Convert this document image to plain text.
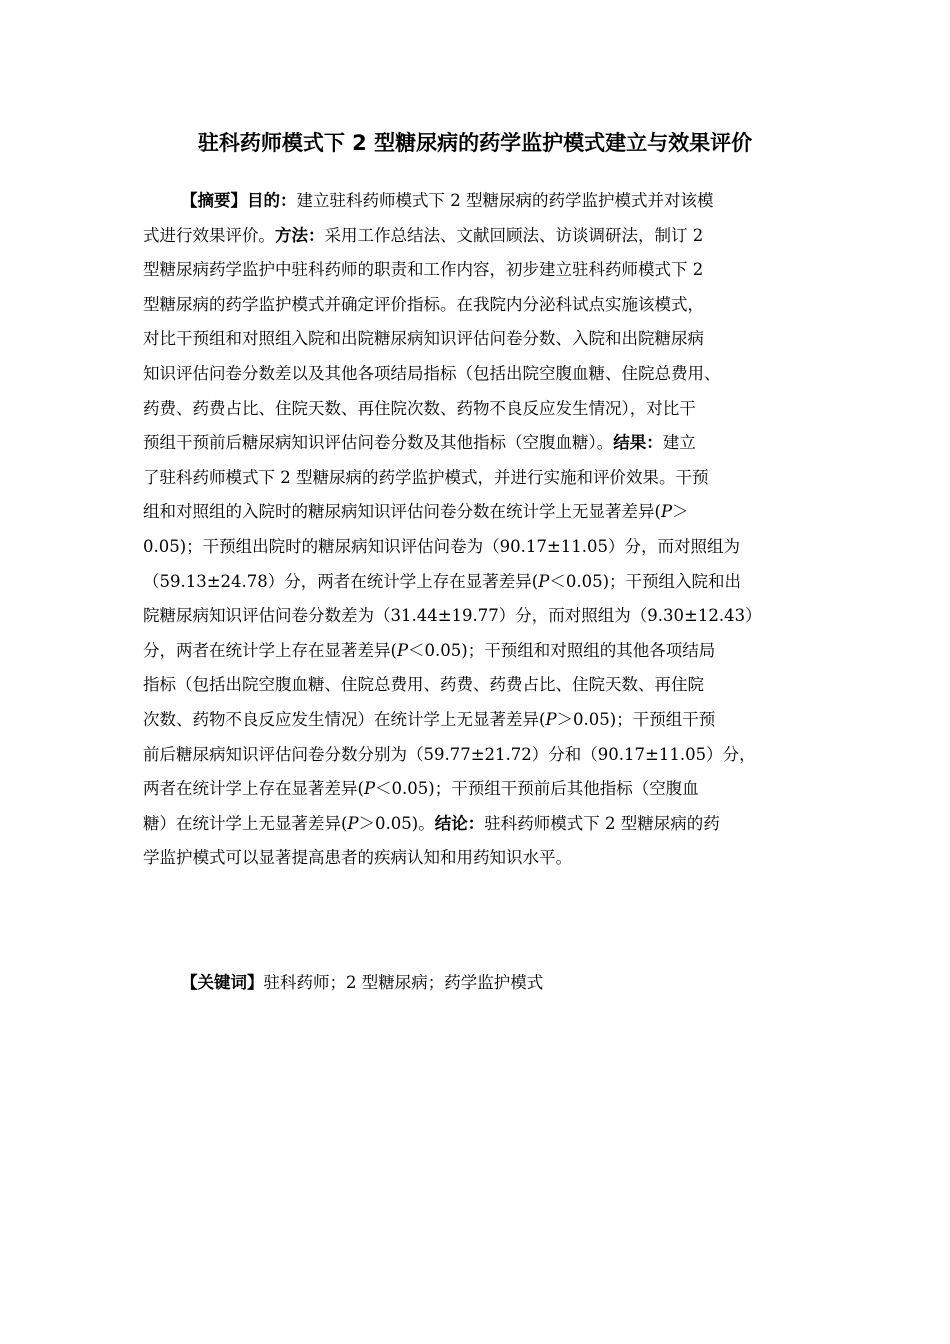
驻科药师模式下 2 型糖尿病的药学监护模式建立与效果评价
【摘要】目的：建立驻科药师模式下 2 型糖尿病的药学监护模式并对该模
式进行效果评价。方法：采用工作总结法、文献回顾法、访谈调研法，制订 2
型糖尿病药学监护中驻科药师的职责和工作内容，初步建立驻科药师模式下 2
型糖尿病的药学监护模式并确定评价指标。在我院内分泌科试点实施该模式，
对比干预组和对照组入院和出院糖尿病知识评估问卷分数、入院和出院糖尿病
知识评估问卷分数差以及其他各项结局指标（包括出院空腹血糖、住院总费用、
药费、药费占比、住院天数、再住院次数、药物不良反应发生情况），对比干
预组干预前后糖尿病知识评估问卷分数及其他指标（空腹血糖）。结果：建立
了驻科药师模式下 2 型糖尿病的药学监护模式，并进行实施和评价效果。干预
组和对照组的入院时的糖尿病知识评估问卷分数在统计学上无显著差异(P＞
0.05)；干预组出院时的糖尿病知识评估问卷为（90.17±11.05）分，而对照组为
（59.13±24.78）分，两者在统计学上存在显著差异(P＜0.05)；干预组入院和出
院糖尿病知识评估问卷分数差为（31.44±19.77）分，而对照组为（9.30±12.43）
分，两者在统计学上存在显著差异(P＜0.05)；干预组和对照组的其他各项结局
指标（包括出院空腹血糖、住院总费用、药费、药费占比、住院天数、再住院
次数、药物不良反应发生情况）在统计学上无显著差异(P＞0.05)；干预组干预
前后糖尿病知识评估问卷分数分别为（59.77±21.72）分和（90.17±11.05）分，
两者在统计学上存在显著差异(P＜0.05)；干预组干预前后其他指标（空腹血
糖）在统计学上无显著差异(P＞0.05)。结论：驻科药师模式下 2 型糖尿病的药
学监护模式可以显著提高患者的疾病认知和用药知识水平。
【关键词】驻科药师；2 型糖尿病；药学监护模式
